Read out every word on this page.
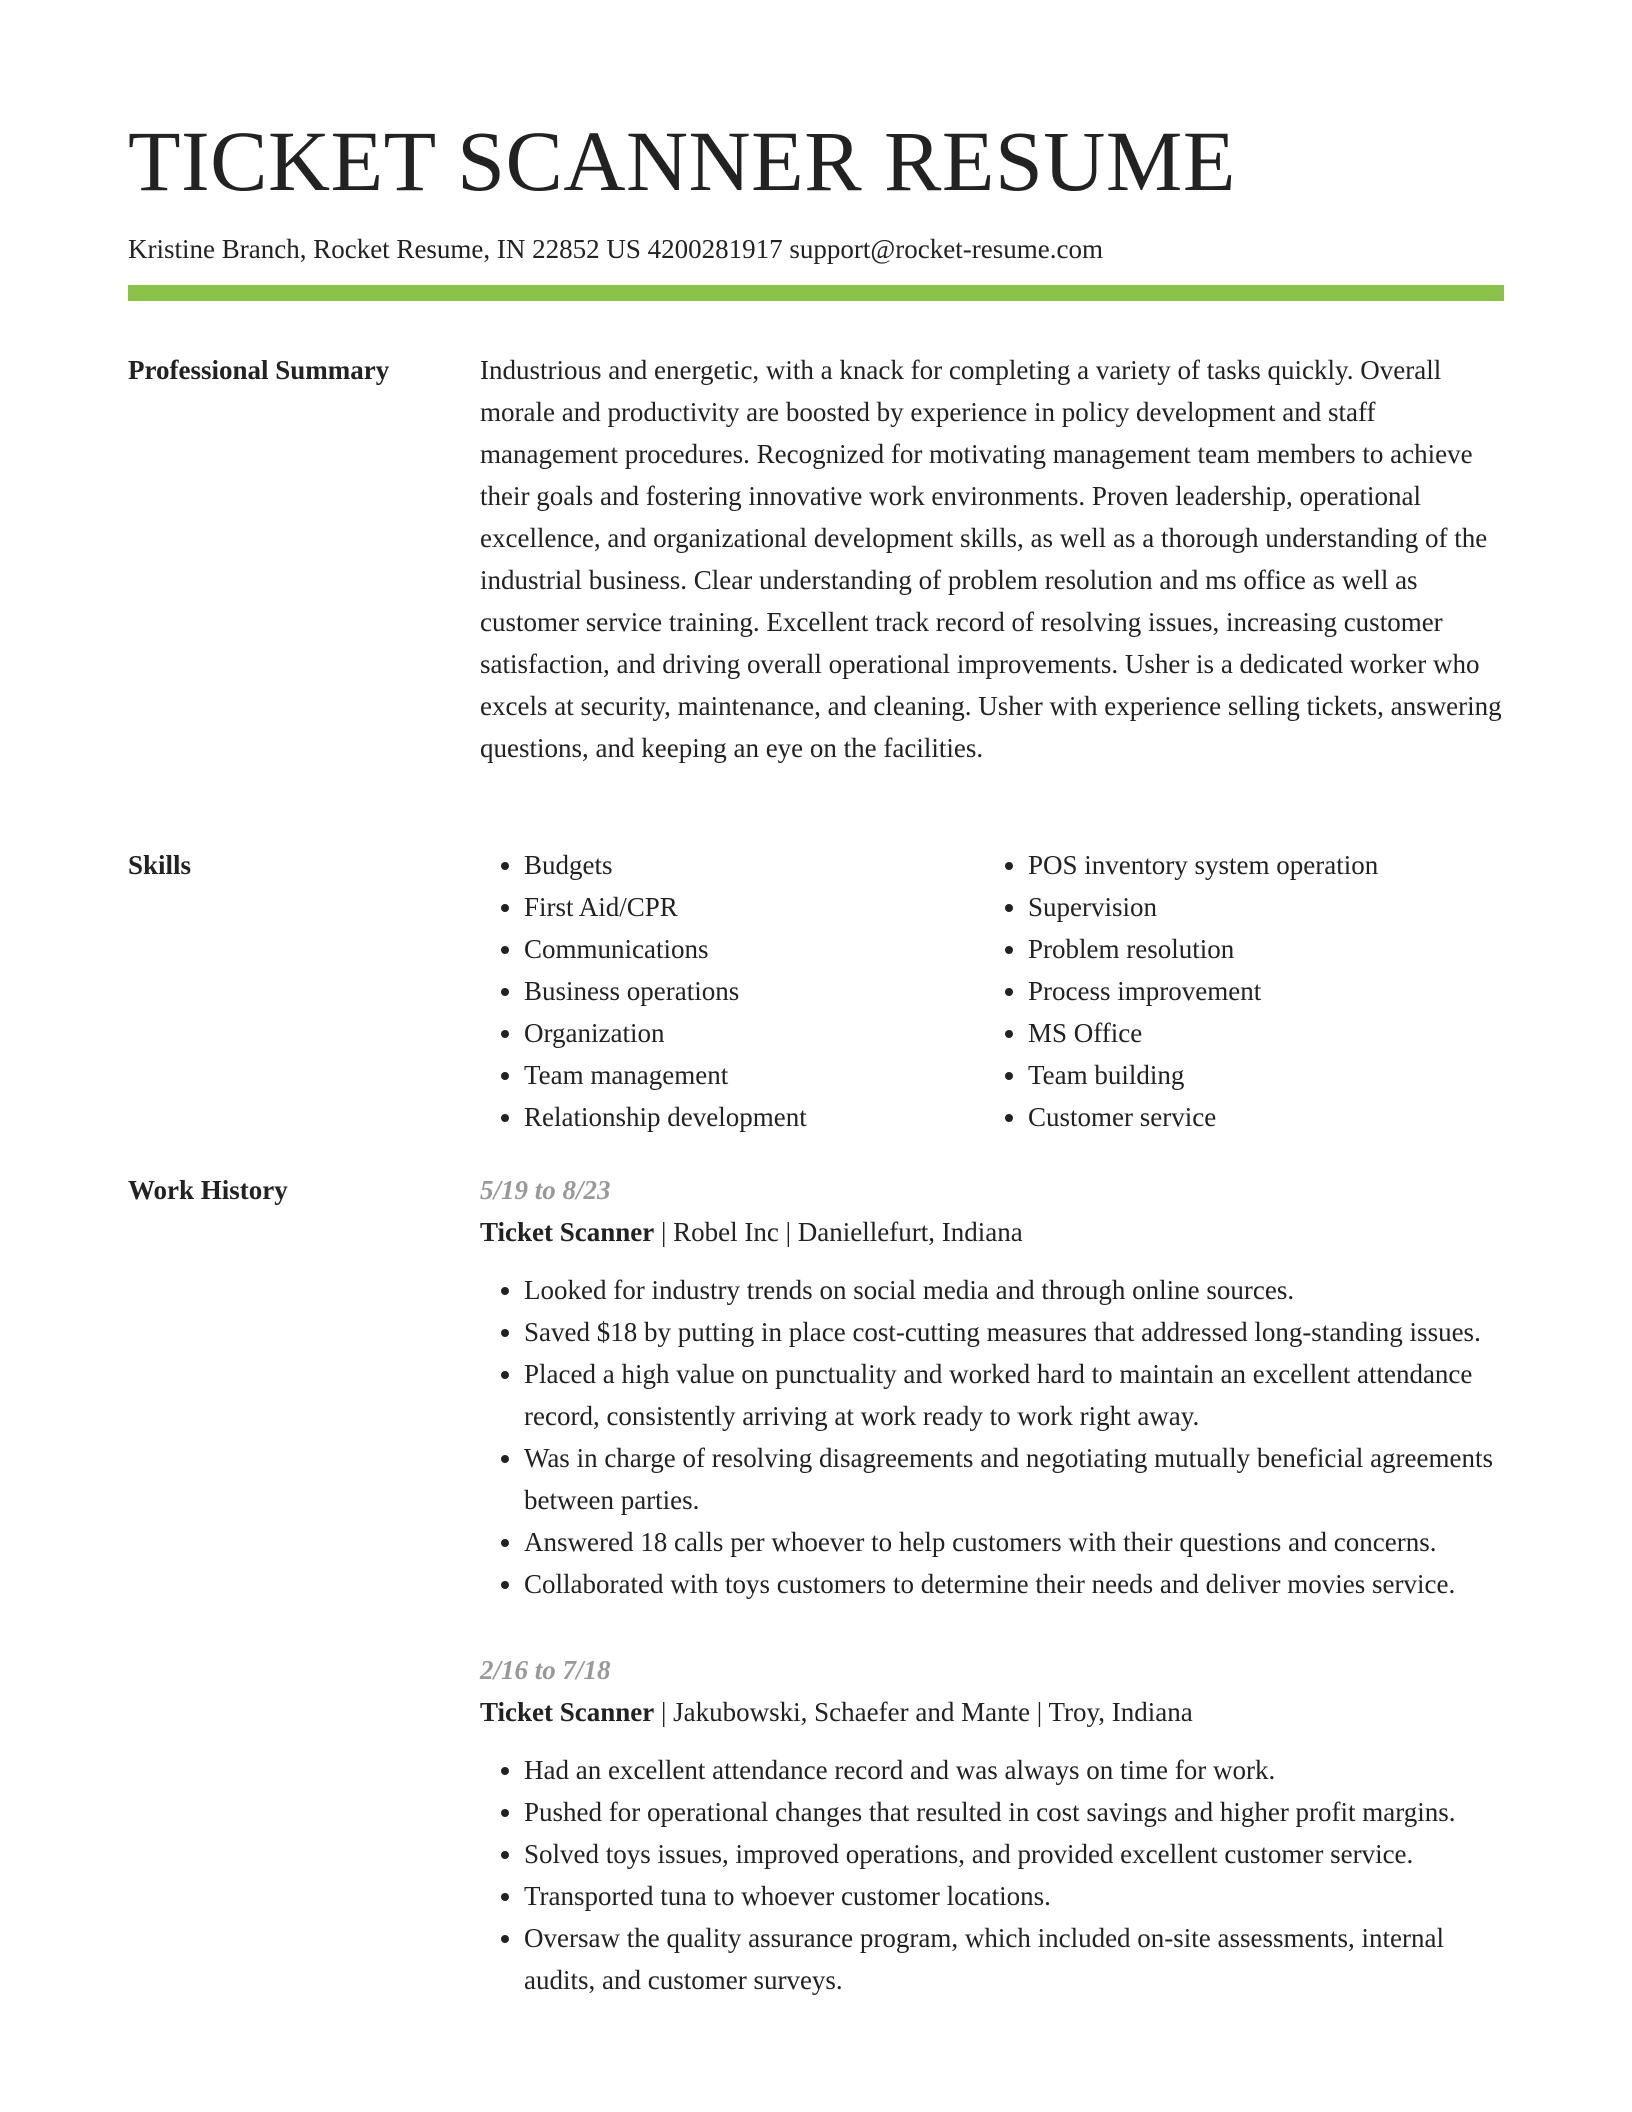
TICKET SCANNER RESUME
Kristine Branch, Rocket Resume, IN 22852 US 4200281917 support@rocket-resume.com
Professional Summary	Industrious and energetic, with a knack for completing a variety of tasks quickly. Overall morale and productivity are boosted by experience in policy development and staff management procedures. Recognized for motivating management team members to achieve their goals and fostering innovative work environments. Proven leadership, operational excellence, and organizational development skills, as well as a thorough understanding of the industrial business. Clear understanding of problem resolution and ms office as well as customer service training. Excellent track record of resolving issues, increasing customer satisfaction, and driving overall operational improvements. Usher is a dedicated worker who excels at security, maintenance, and cleaning. Usher with experience selling tickets, answering questions, and keeping an eye on the facilities.

Skills
•	Budgets
• First Aid/CPR
• Communications
• Business operations
• Organization
• Team management
• Relationship development
• POS inventory system operation
• Supervision
• Problem resolution
• Process improvement
• MS Office
• Team building
• Customer service
Work History	5/19 to 8/23
Ticket Scanner | Robel Inc | Daniellefurt, Indiana
• Looked for industry trends on social media and through online sources.
• Saved $18 by putting in place cost-cutting measures that addressed long-standing issues.
• Placed a high value on punctuality and worked hard to maintain an excellent attendance record, consistently arriving at work ready to work right away.
• Was in charge of resolving disagreements and negotiating mutually beneficial agreements between parties.
• Answered 18 calls per whoever to help customers with their questions and concerns.
• Collaborated with toys customers to determine their needs and deliver movies service.
2/16 to 7/18
Ticket Scanner | Jakubowski, Schaefer and Mante | Troy, Indiana
• Had an excellent attendance record and was always on time for work.
• Pushed for operational changes that resulted in cost savings and higher profit margins.
• Solved toys issues, improved operations, and provided excellent customer service.
• Transported tuna to whoever customer locations.
• Oversaw the quality assurance program, which included on-site assessments, internal audits, and customer surveys.
